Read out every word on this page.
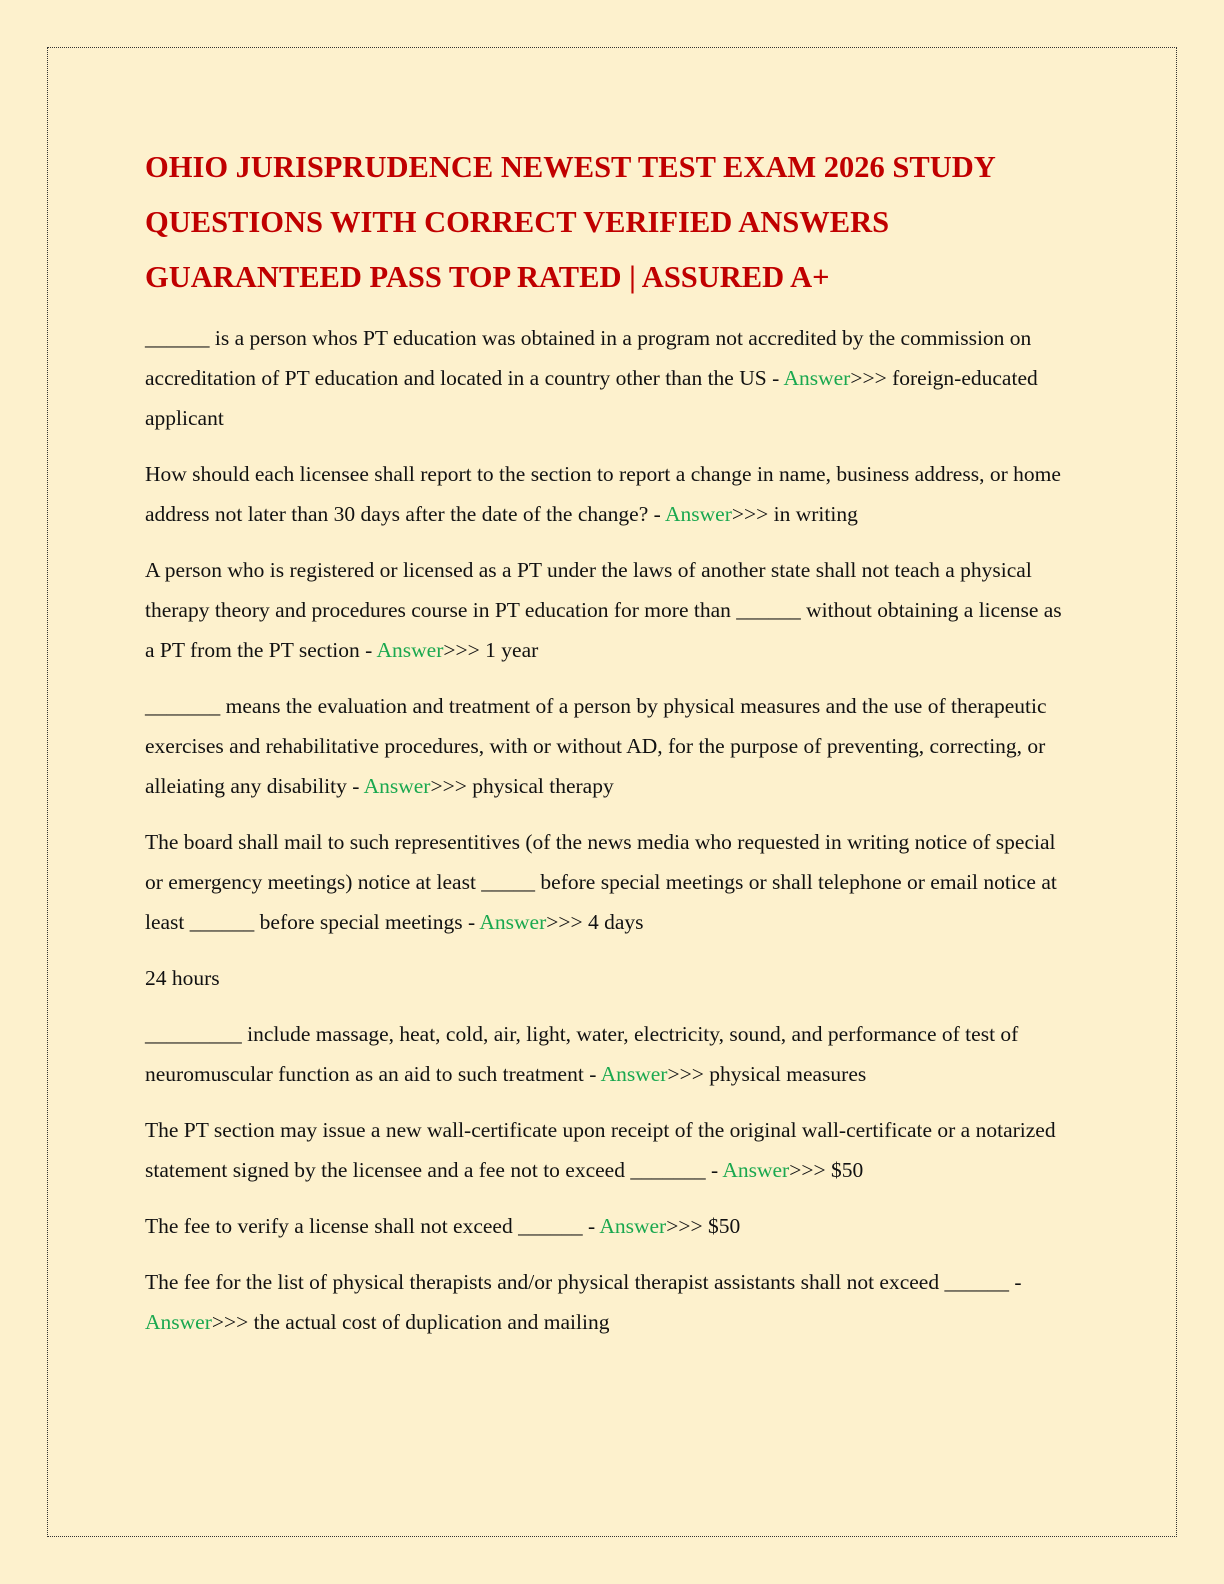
OHIO JURISPRUDENCE NEWEST TEST EXAM 2026 STUDY QUESTIONS WITH CORRECT VERIFIED ANSWERS GUARANTEED PASS TOP RATED | ASSURED A+

______ is a person whos PT education was obtained in a program not accredited by the commission on accreditation of PT education and located in a country other than the US - Answer>>> foreign-educated applicant

How should each licensee shall report to the section to report a change in name, business address, or home address not later than 30 days after the date of the change? - Answer>>> in writing

A person who is registered or licensed as a PT under the laws of another state shall not teach a physical therapy theory and procedures course in PT education for more than ______ without obtaining a license as a PT from the PT section - Answer>>> 1 year

_______ means the evaluation and treatment of a person by physical measures and the use of therapeutic exercises and rehabilitative procedures, with or without AD, for the purpose of preventing, correcting, or alleiating any disability - Answer>>> physical therapy

The board shall mail to such representitives (of the news media who requested in writing notice of special or emergency meetings) notice at least _____ before special meetings or shall telephone or email notice at least ______ before special meetings - Answer>>> 4 days

24 hours

_________ include massage, heat, cold, air, light, water, electricity, sound, and performance of test of neuromuscular function as an aid to such treatment - Answer>>> physical measures

The PT section may issue a new wall-certificate upon receipt of the original wall-certificate or a notarized statement signed by the licensee and a fee not to exceed _______ - Answer>>> $50

The fee to verify a license shall not exceed ______ - Answer>>> $50

The fee for the list of physical therapists and/or physical therapist assistants shall not exceed ______ - Answer>>> the actual cost of duplication and mailing
